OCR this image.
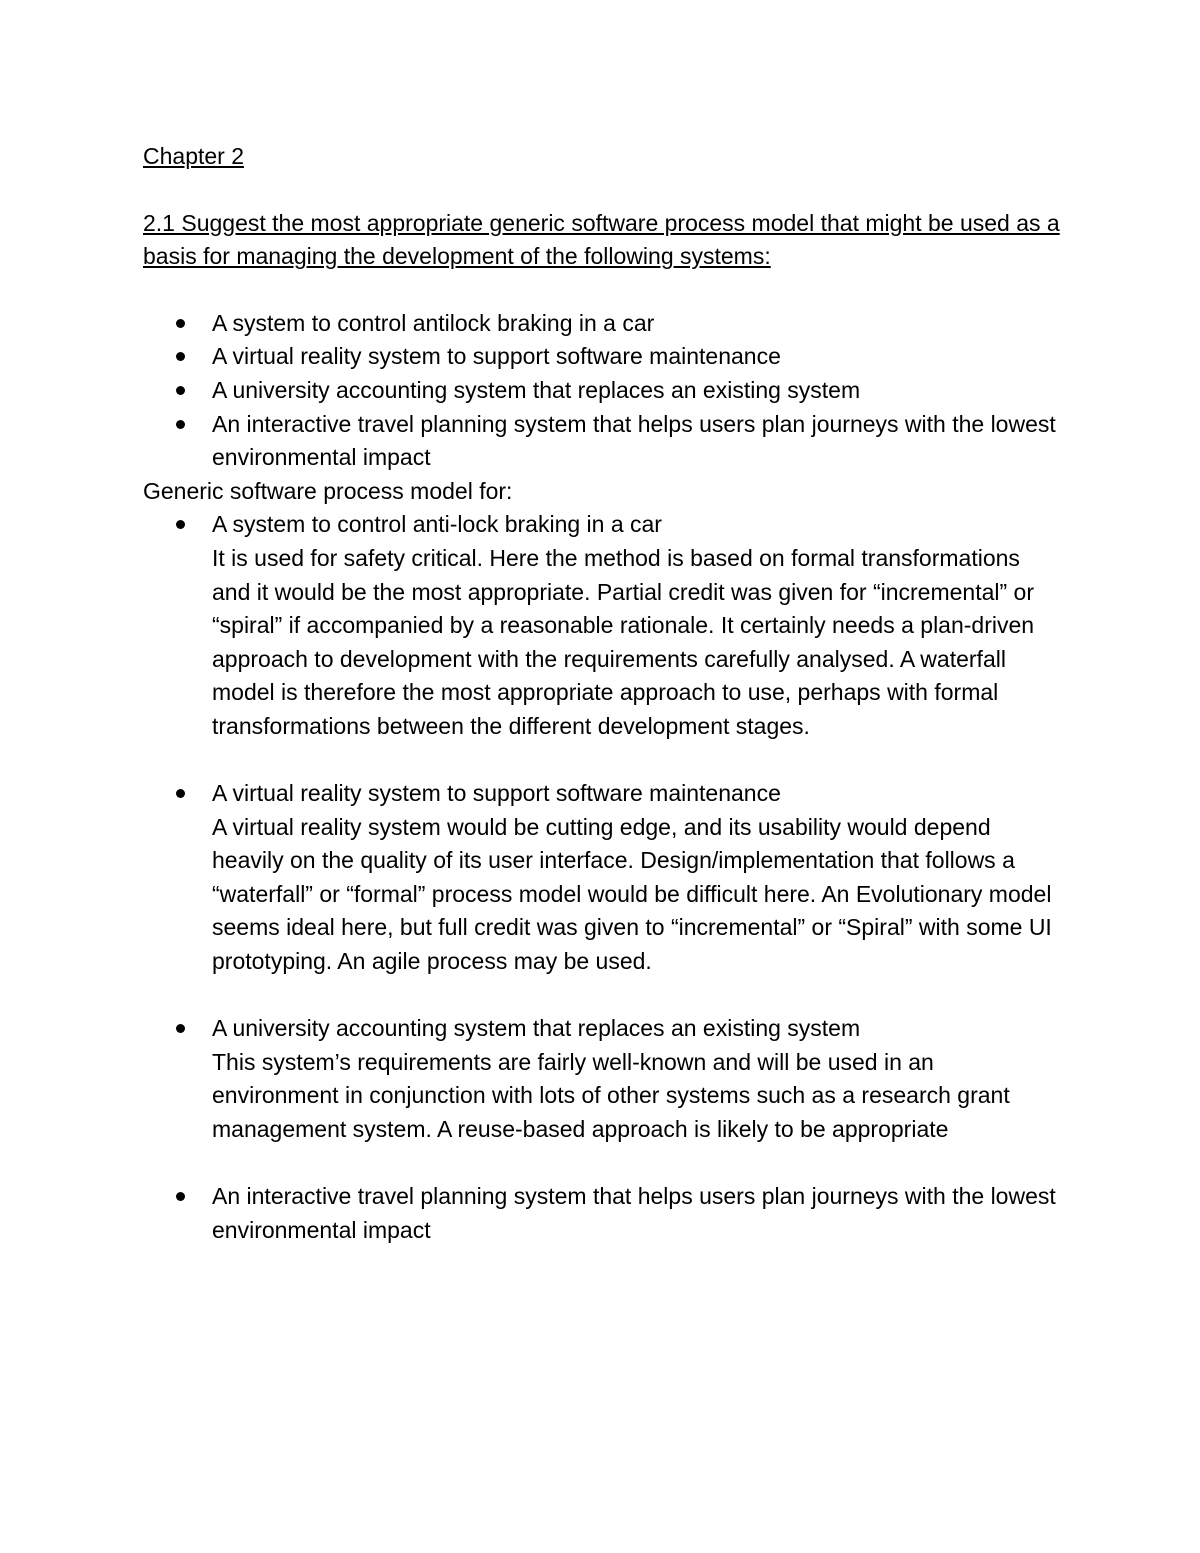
Chapter 2
2.1 Suggest the most appropriate generic software process model that might be used as a basis for managing the development of the following systems:
A system to control antilock braking in a car
A virtual reality system to support software maintenance
A university accounting system that replaces an existing system
An interactive travel planning system that helps users plan journeys with the lowest environmental impact
Generic software process model for:
A system to control anti-lock braking in a car
It is used for safety critical. Here the method is based on formal transformations and it would be the most appropriate. Partial credit was given for “incremental” or “spiral” if accompanied by a reasonable rationale. It certainly needs a plan-driven approach to development with the requirements carefully analysed. A waterfall model is therefore the most appropriate approach to use, perhaps with formal transformations between the different development stages.
A virtual reality system to support software maintenance
A virtual reality system would be cutting edge, and its usability would depend heavily on the quality of its user interface. Design/implementation that follows a “waterfall” or “formal” process model would be difficult here. An Evolutionary model seems ideal here, but full credit was given to “incremental” or “Spiral” with some UI prototyping. An agile process may be used.
A university accounting system that replaces an existing system
This system’s requirements are fairly well-known and will be used in an environment in conjunction with lots of other systems such as a research grant management system. A reuse-based approach is likely to be appropriate
An interactive travel planning system that helps users plan journeys with the lowest environmental impact
